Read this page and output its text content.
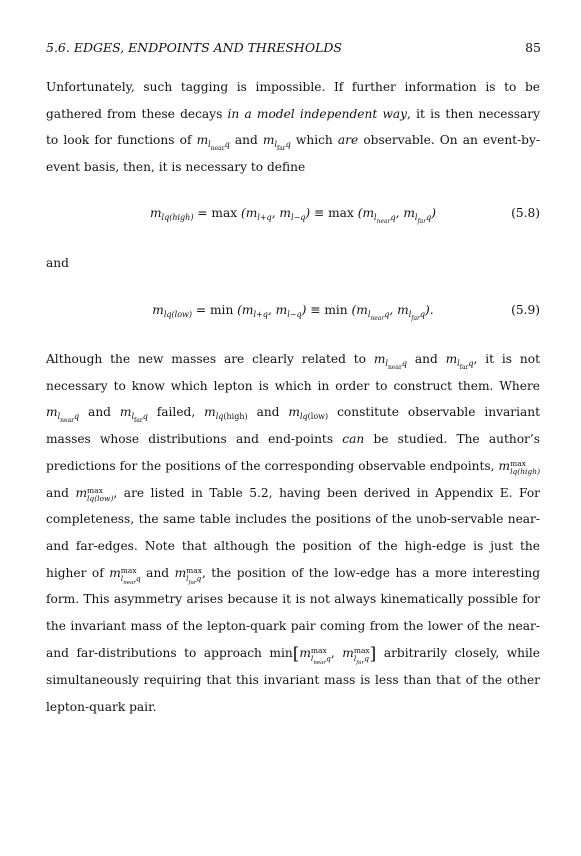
5.6. EDGES, ENDPOINTS AND THRESHOLDS	85
Unfortunately, such tagging is impossible. If further information is to be gathered from these decays in a model independent way, it is then necessary to look for functions of $m_{l_{near}q}$ and $m_{l_{far}q}$ which are observable. On an event-by-event basis, then, it is necessary to define
$m_{lq(high)} = \max (m_{l+q}$, $m_{l-q}) \equiv \max (m_{l_{near}q}$, $m_{l_{far}q}$)	(5.8)
and
$m_{lq(low)} = \min (m_{l+q}$, $m_{l-q}) \equiv \min (m_{l_{near}q}$, $m_{l_{far}q}$).	(5.9)
Although the new masses are clearly related to $m_{l_{near}q}$ and $m_{l_{far}q}$, it is not necessary to know which lepton is which in order to construct them. Where $m_{l_{near}q}$ and $m_{l_{far}q}$ failed, $m_{lq(high)}$ and $m_{lq(low)}$ constitute observable invariant masses whose distributions and end-points can be studied. The author’s predictions for the positions of the corresponding observable endpoints, m max
lq(high)
and m max
lq(low) , are listed in Table 5.2, having been derived in Appendix E. For completeness, the same table includes the positions of the unob-servable near- and far-edges. Note that although the position of the high-edge is just the higher of m max
$l_{near}q$ and m max
$l_{far}q$ , the position of the low-edge has a more interesting form. This asymmetry arises because it is not always kinematically possible for the invariant mass of the lepton-quark pair coming from the lower of the near- and far-distributions to approach min[m max
$l_{near}q$ , m max
$l_{far}q$ ] arbitrarily closely, while simultaneously requiring that this invariant mass is less than that of the other lepton-quark pair.
